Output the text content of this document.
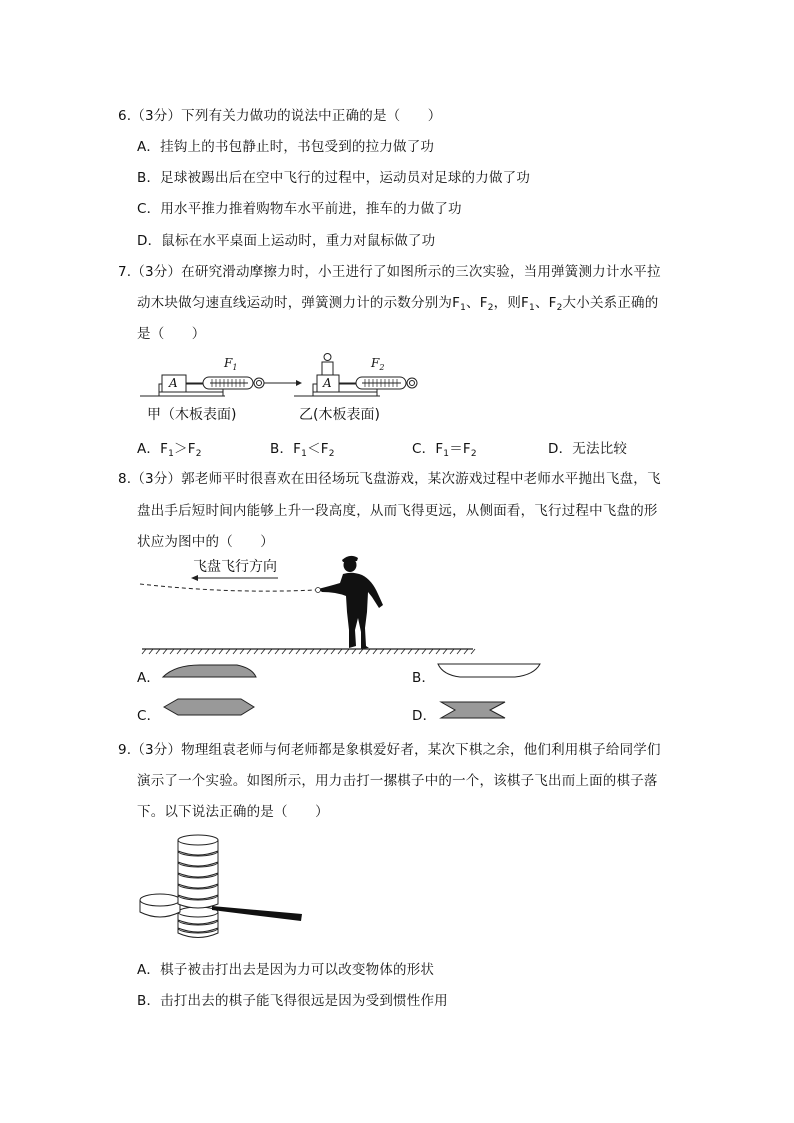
6.（3分）下列有关力做功的说法中正确的是（　　）
A．挂钩上的书包静止时，书包受到的拉力做了功
B．足球被踢出后在空中飞行的过程中，运动员对足球的力做了功
C．用水平推力推着购物车水平前进，推车的力做了功
D．鼠标在水平桌面上运动时，重力对鼠标做了功
7.（3分）在研究滑动摩擦力时，小王进行了如图所示的三次实验，当用弹簧测力计水平拉
动木块做匀速直线运动时，弹簧测力计的示数分别为$F_1$、$F_2$，则$F_1$、$F_2$大小关系正确的
是（　　）
A	A
$F_1$	$F_2$
甲（木板表面)	乙(木板表面)
A．$F_1>F_2$	B．$F_1<F_2$	C．$F_1=F_2$	D．无法比较
8.（3分）郭老师平时很喜欢在田径场玩飞盘游戏，某次游戏过程中老师水平抛出飞盘，飞
盘出手后短时间内能够上升一段高度，从而飞得更远，从侧面看，飞行过程中飞盘的形
状应为图中的（　　）
飞盘飞行方向
A．	B．
C．	D．
9.（3分）物理组袁老师与何老师都是象棋爱好者，某次下棋之余，他们利用棋子给同学们
演示了一个实验。如图所示，用力击打一摞棋子中的一个，该棋子飞出而上面的棋子落
下。以下说法正确的是（　　）
A．棋子被击打出去是因为力可以改变物体的形状
B．击打出去的棋子能飞得很远是因为受到惯性作用
